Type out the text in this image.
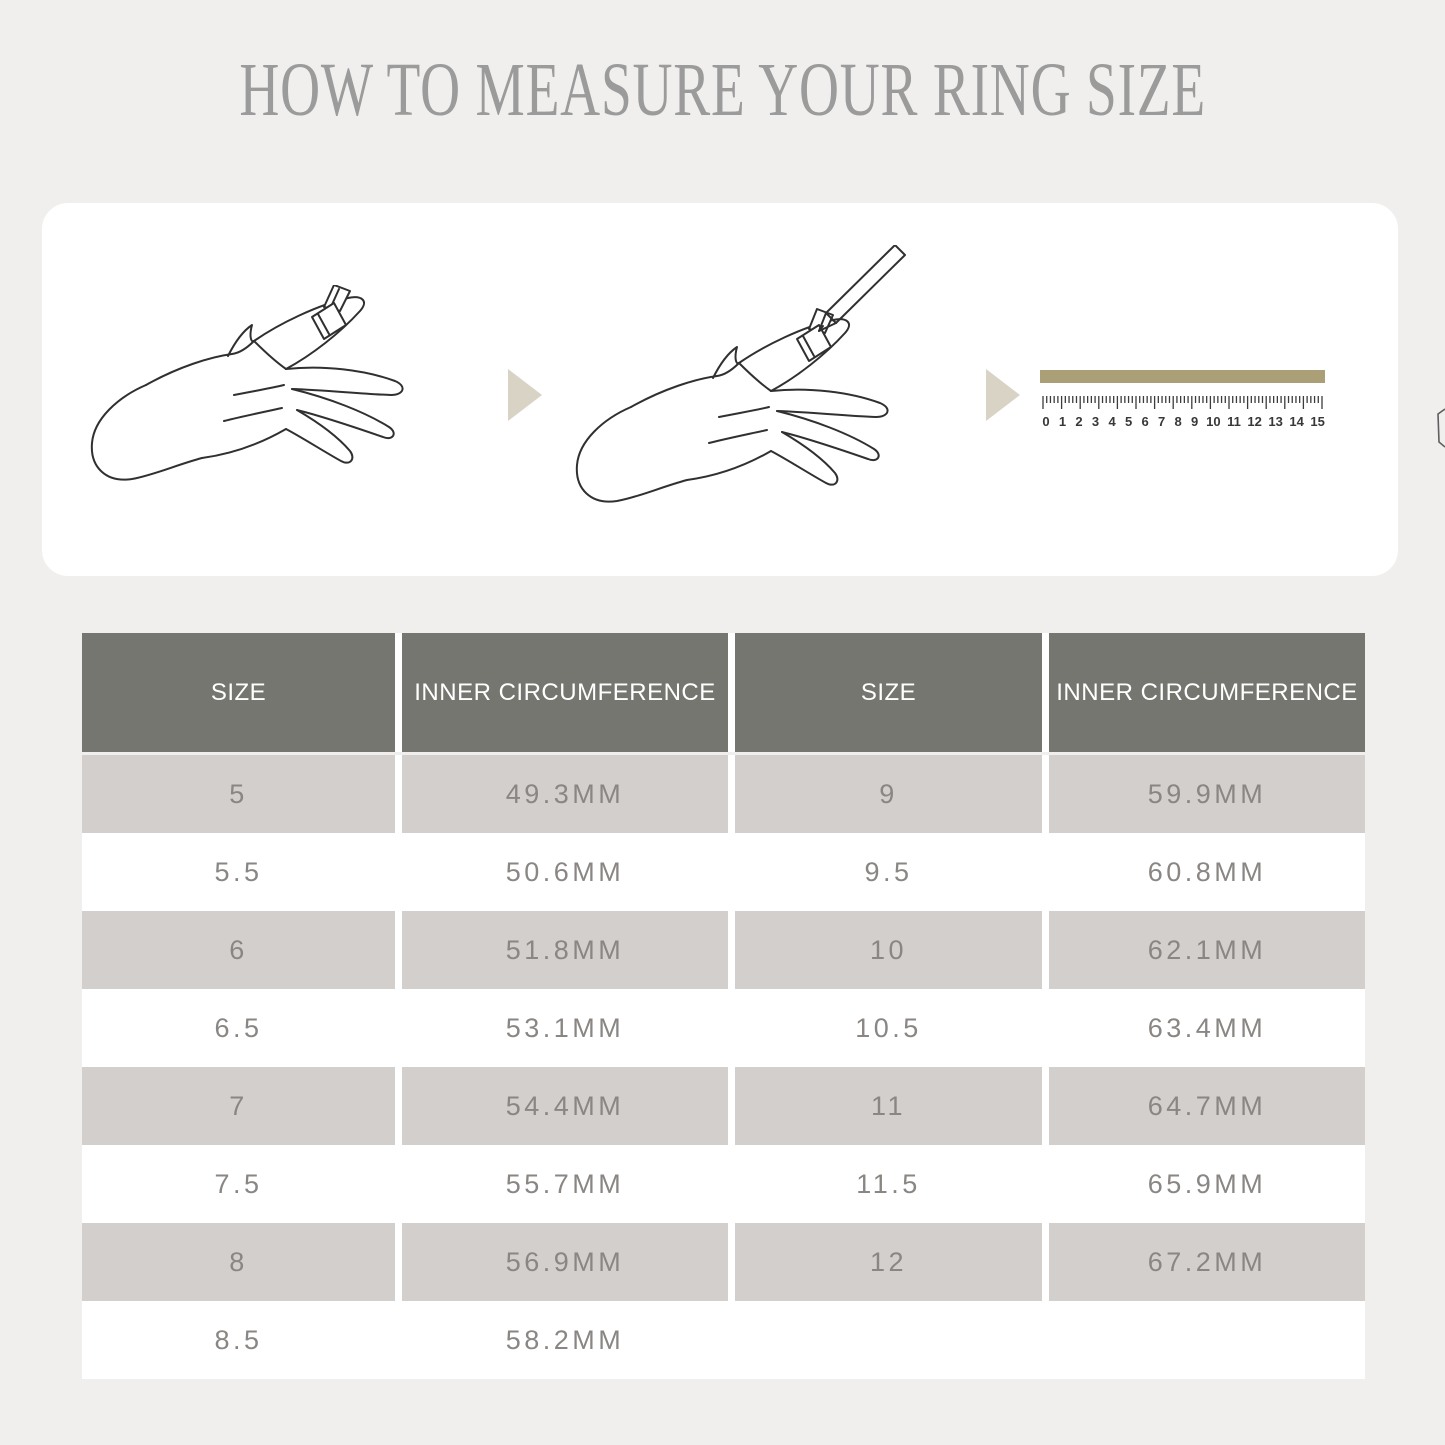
HOW TO MEASURE YOUR RING SIZE
0 1 2 3 4 5 6 7 8 9 10 11 12 13 14 15
SIZE	INNER CIRCUMFERENCE	SIZE	INNER CIRCUMFERENCE
5	49.3MM	9	59.9MM
5.5	50.6MM	9.5	60.8MM
6	51.8MM	10	62.1MM
6.5	53.1MM	10.5	63.4MM
7	54.4MM	11	64.7MM
7.5	55.7MM	11.5	65.9MM
8	56.9MM	12	67.2MM
8.5	58.2MM
